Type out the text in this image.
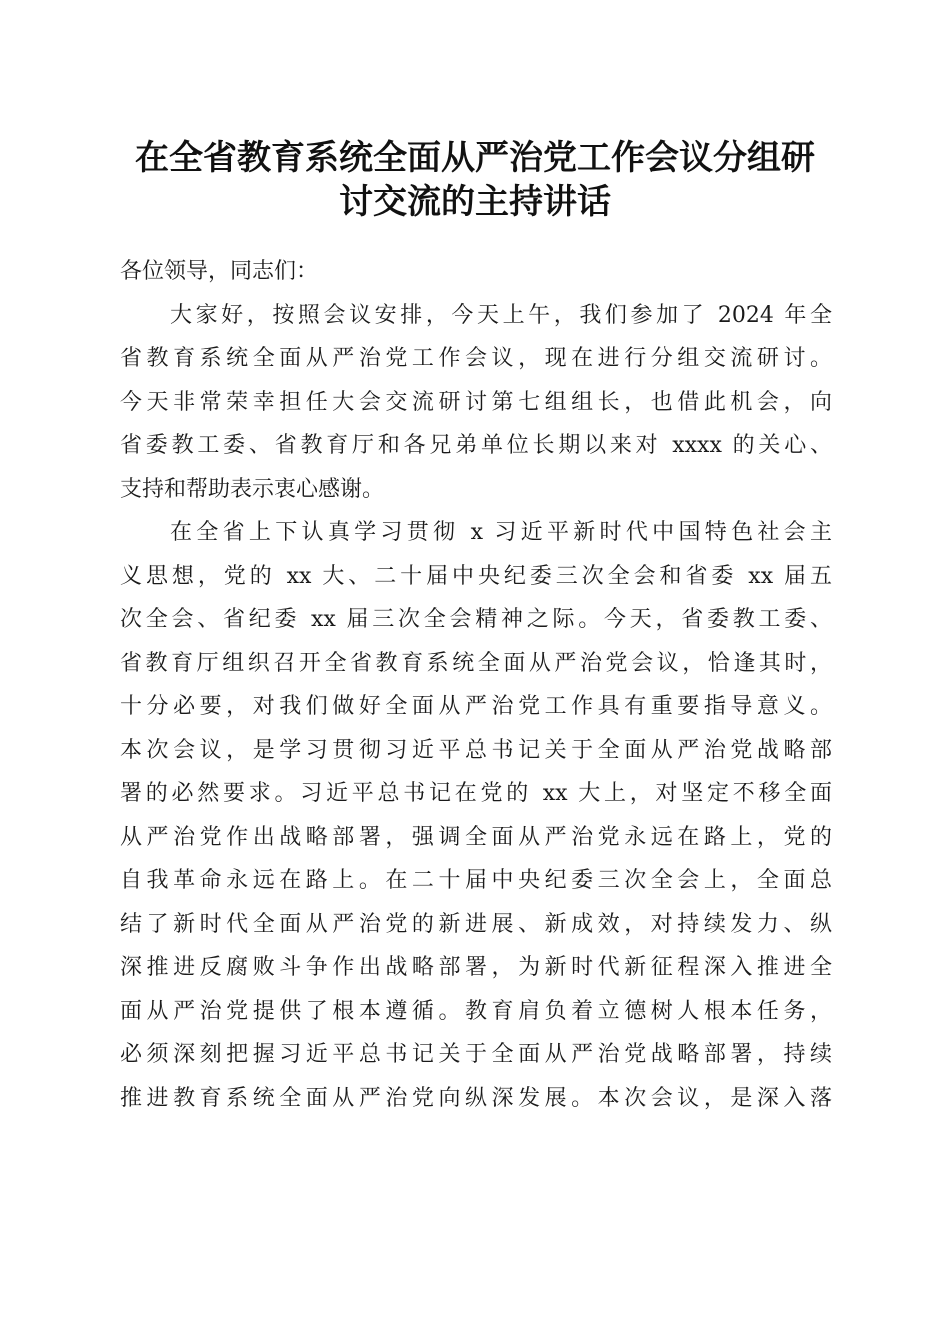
在全省教育系统全面从严治党工作会议分组研
讨交流的主持讲话
各位领导，同志们：
大家好，按照会议安排，今天上午，我们参加了 2024 年全
省教育系统全面从严治党工作会议，现在进行分组交流研讨。
今天非常荣幸担任大会交流研讨第七组组长，也借此机会，向
省委教工委、省教育厅和各兄弟单位长期以来对 xxxx 的关心、
支持和帮助表示衷心感谢。
在全省上下认真学习贯彻 x 习近平新时代中国特色社会主
义思想，党的 xx 大、二十届中央纪委三次全会和省委 xx 届五
次全会、省纪委 xx 届三次全会精神之际。今天，省委教工委、
省教育厅组织召开全省教育系统全面从严治党会议，恰逢其时，
十分必要，对我们做好全面从严治党工作具有重要指导意义。
本次会议，是学习贯彻习近平总书记关于全面从严治党战略部
署的必然要求。习近平总书记在党的 xx 大上，对坚定不移全面
从严治党作出战略部署，强调全面从严治党永远在路上，党的
自我革命永远在路上。在二十届中央纪委三次全会上，全面总
结了新时代全面从严治党的新进展、新成效，对持续发力、纵
深推进反腐败斗争作出战略部署，为新时代新征程深入推进全
面从严治党提供了根本遵循。教育肩负着立德树人根本任务，
必须深刻把握习近平总书记关于全面从严治党战略部署，持续
推进教育系统全面从严治党向纵深发展。本次会议，是深入落
